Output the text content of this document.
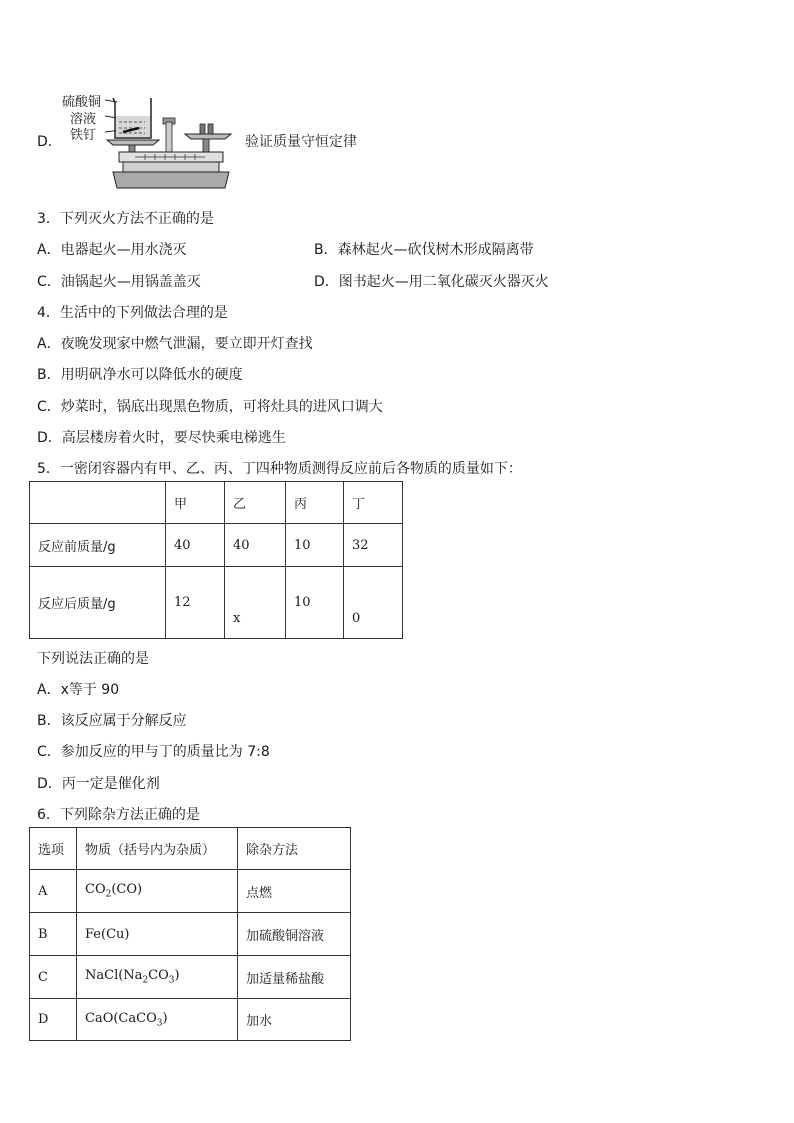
D．
硫酸铜
溶液
铁钉	验证质量守恒定律
3．下列灭火方法不正确的是
A．电器起火—用水浇灭	B．森林起火—砍伐树木形成隔离带
C．油锅起火—用锅盖盖灭	D．图书起火—用二氧化碳灭火器灭火
4．生活中的下列做法合理的是
A．夜晚发现家中燃气泄漏，要立即开灯查找
B．用明矾净水可以降低水的硬度
C．炒菜时，锅底出现黑色物质，可将灶具的进风口调大
D．高层楼房着火时，要尽快乘电梯逃生
5．一密闭容器内有甲、乙、丙、丁四种物质测得反应前后各物质的质量如下：
	甲	乙	丙	丁
反应前质量/g	40	40	10	32
反应后质量/g	12	x	10	0
下列说法正确的是
A．x等于 90
B．该反应属于分解反应
C．参加反应的甲与丁的质量比为 7:8
D．丙一定是催化剂
6．下列除杂方法正确的是
选项	物质（括号内为杂质）	除杂方法
A	$CO_2(CO)$	点燃
B	Fe(Cu)	加硫酸铜溶液
C	$NaCl(Na_2CO_3)$	加适量稀盐酸
D	CaO(CaCO$_3$)	加水
